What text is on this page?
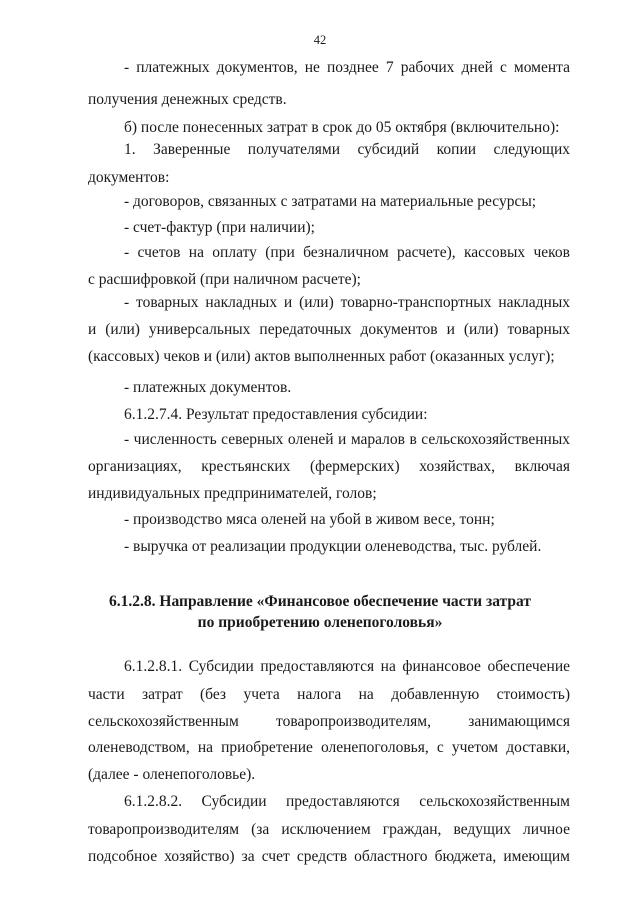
42
- платежных документов, не позднее 7 рабочих дней с момента
получения денежных средств.
б) после понесенных затрат в срок до 05 октября (включительно):
1. Заверенные получателями субсидий копии следующих
документов:
- договоров, связанных с затратами на материальные ресурсы;
- счет-фактур (при наличии);
- счетов на оплату (при безналичном расчете), кассовых чеков
с расшифровкой (при наличном расчете);
- товарных накладных и (или) товарно-транспортных накладных
и (или) универсальных передаточных документов и (или) товарных
(кассовых) чеков и (или) актов выполненных работ (оказанных услуг);
- платежных документов.
6.1.2.7.4. Результат предоставления субсидии:
- численность северных оленей и маралов в сельскохозяйственных
организациях, крестьянских (фермерских) хозяйствах, включая
индивидуальных предпринимателей, голов;
- производство мяса оленей на убой в живом весе, тонн;
- выручка от реализации продукции оленеводства, тыс. рублей.
6.1.2.8. Направление «Финансовое обеспечение части затрат
по приобретению оленепоголовья»
6.1.2.8.1. Субсидии предоставляются на финансовое обеспечение
части затрат (без учета налога на добавленную стоимость)
сельскохозяйственным товаропроизводителям, занимающимся
оленеводством, на приобретение оленепоголовья, с учетом доставки,
(далее - оленепоголовье).
6.1.2.8.2. Субсидии предоставляются сельскохозяйственным
товаропроизводителям (за исключением граждан, ведущих личное
подсобное хозяйство) за счет средств областного бюджета, имеющим
